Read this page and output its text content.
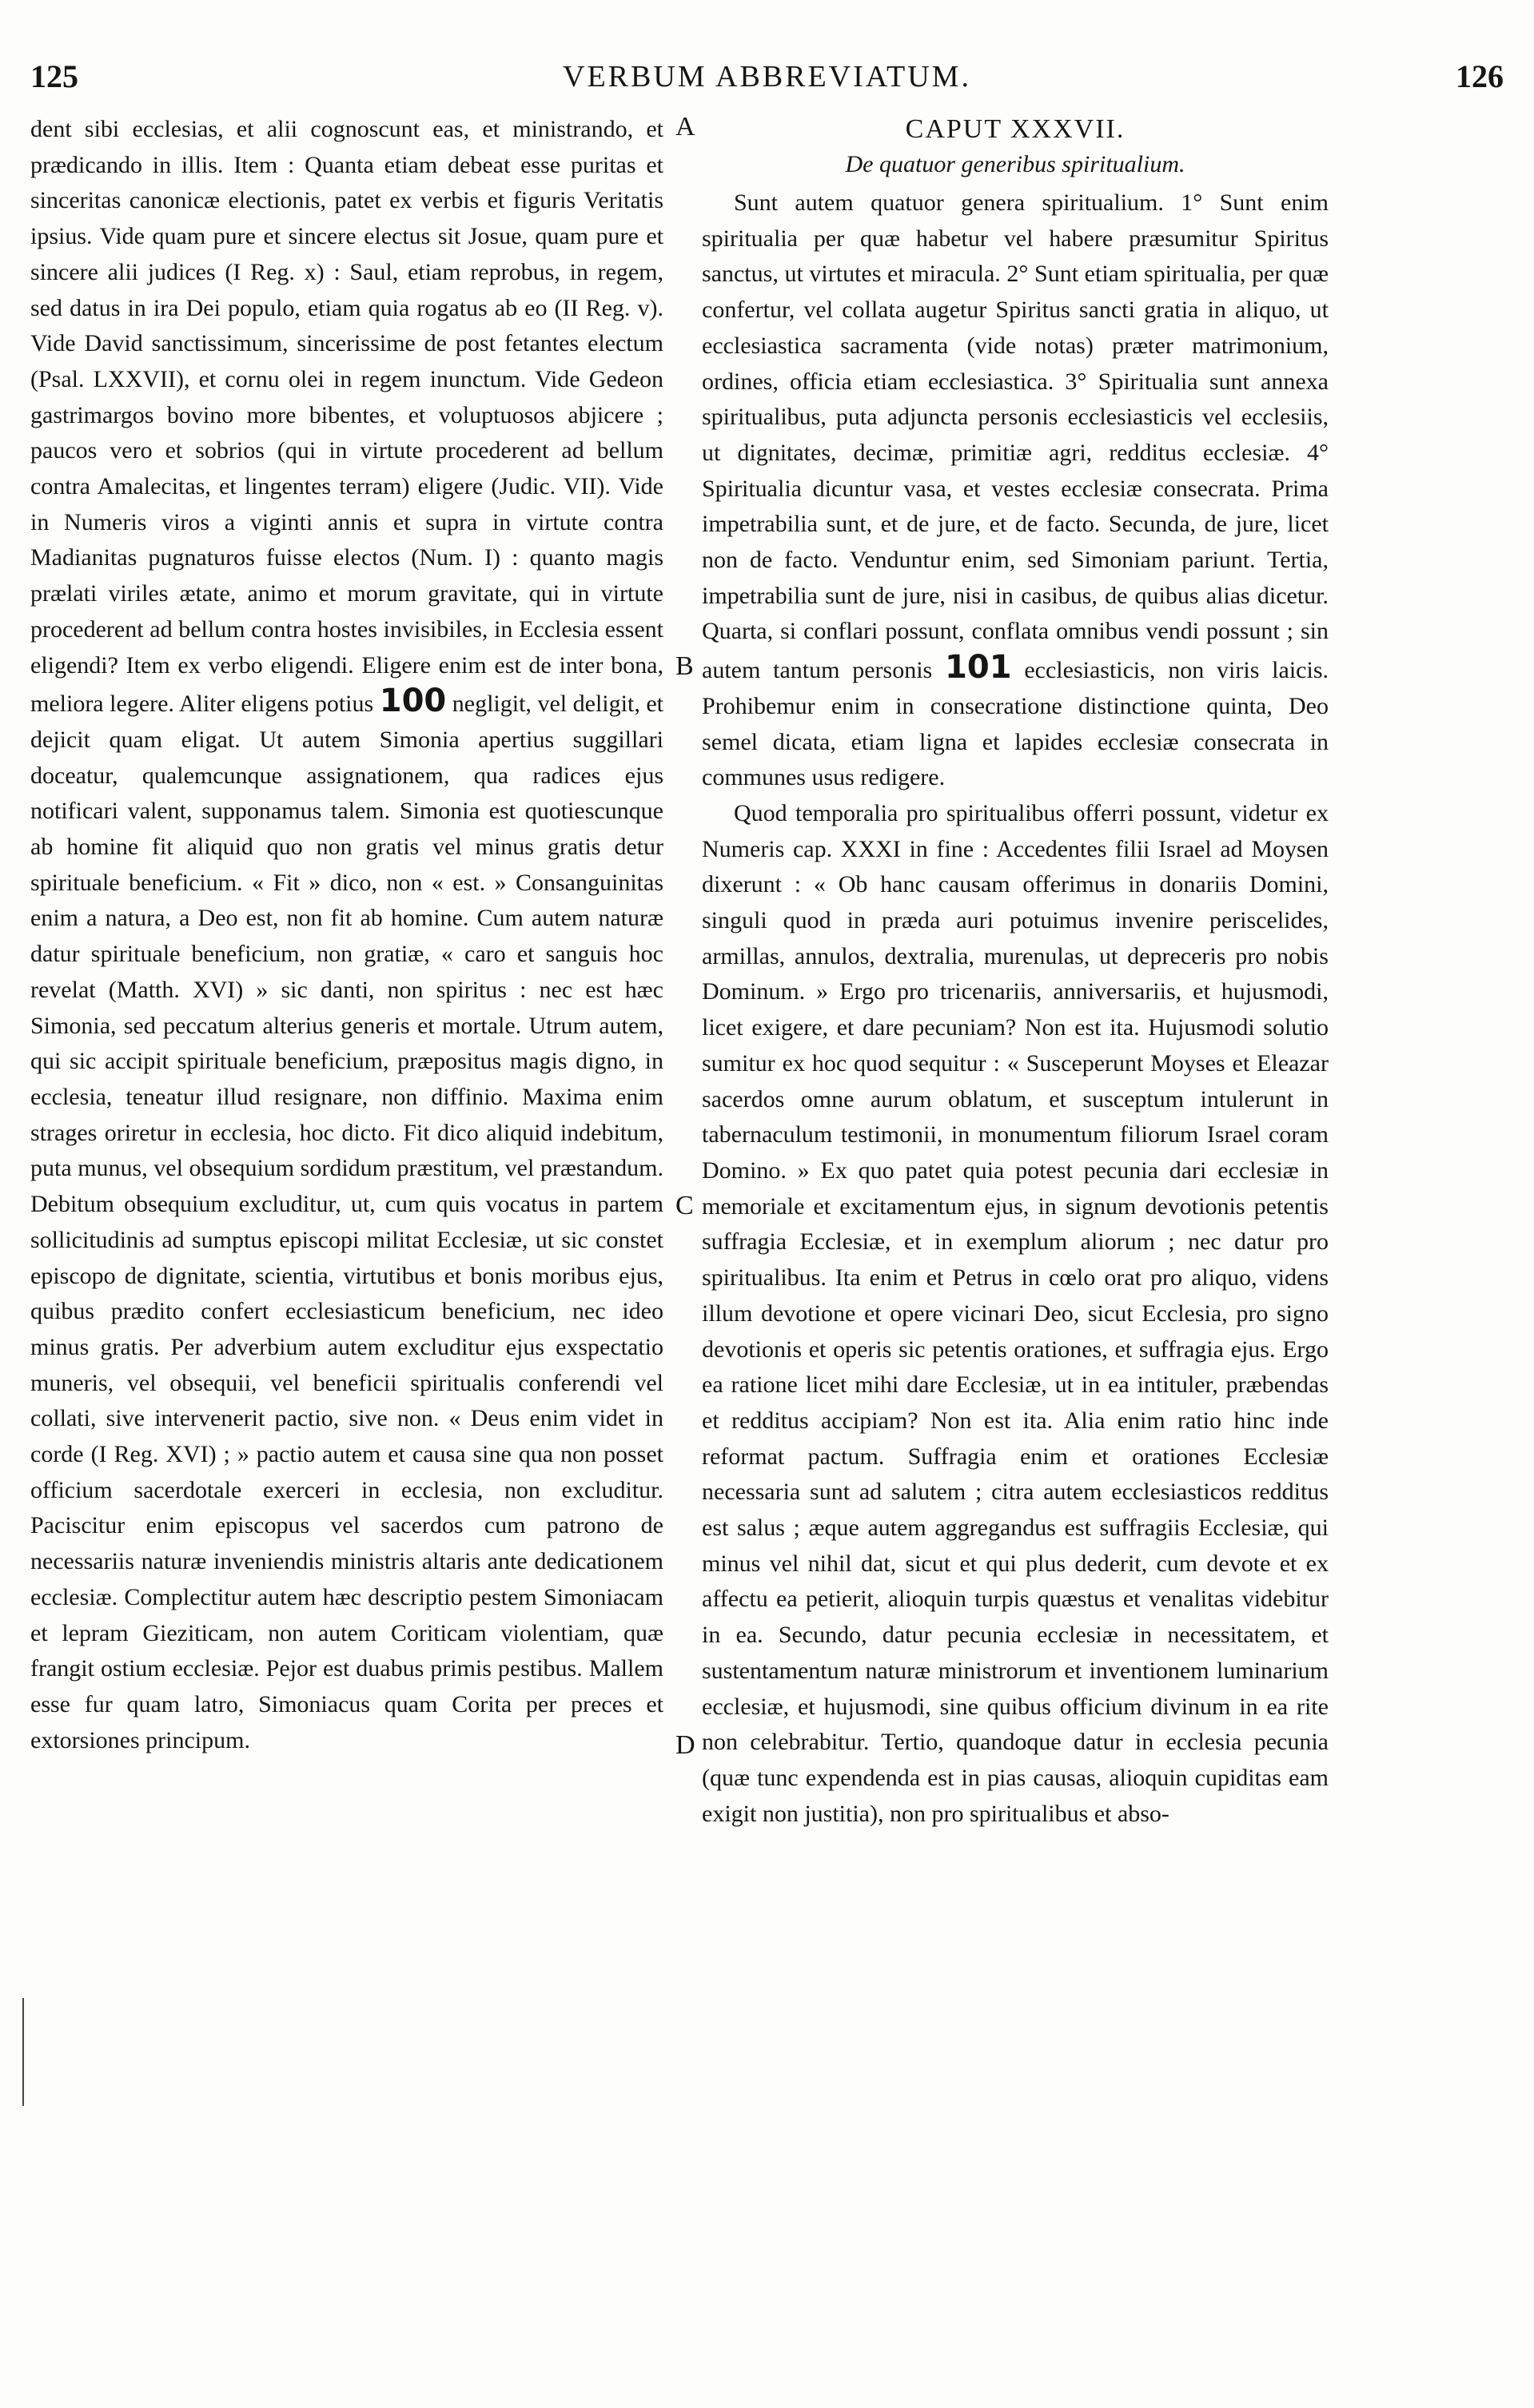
125	VERBUM ABBREVIATUM.	126
A
B
C
D

dent sibi ecclesias, et alii cognoscunt eas, et ministrando, et prædicando in illis. Item : Quanta etiam debeat esse puritas et sinceritas canonicæ electionis, patet ex verbis et figuris Veritatis ipsius. Vide quam pure et sincere electus sit Josue, quam pure et sincere alii judices (I Reg. x) : Saul, etiam reprobus, in regem, sed datus in ira Dei populo, etiam quia rogatus ab eo (II Reg. v). Vide David sanctissimum, sincerissime de post fetantes electum (Psal. LXXVII), et cornu olei in regem inunctum. Vide Gedeon gastrimargos bovino more bibentes, et voluptuosos abjicere ; paucos vero et sobrios (qui in virtute procederent ad bellum contra Amalecitas, et lingentes terram) eligere (Judic. VII). Vide in Numeris viros a viginti annis et supra in virtute contra Madianitas pugnaturos fuisse electos (Num. I) : quanto magis prælati viriles ætate, animo et morum gravitate, qui in virtute procederent ad bellum contra hostes invisibiles, in Ecclesia essent eligendi? Item ex verbo eligendi. Eligere enim est de inter bona, meliora legere. Aliter eligens potius 100 negligit, vel deligit, et dejicit quam eligat. Ut autem Simonia apertius suggillari doceatur, qualemcunque assignationem, qua radices ejus notificari valent, supponamus talem. Simonia est quotiescunque ab homine fit aliquid quo non gratis vel minus gratis detur spirituale beneficium. « Fit » dico, non « est. » Consanguinitas enim a natura, a Deo est, non fit ab homine. Cum autem naturæ datur spirituale beneficium, non gratiæ, « caro et sanguis hoc revelat (Matth. XVI) » sic danti, non spiritus : nec est hæc Simonia, sed peccatum alterius generis et mortale. Utrum autem, qui sic accipit spirituale beneficium, præpositus magis digno, in ecclesia, teneatur illud resignare, non diffinio. Maxima enim strages oriretur in ecclesia, hoc dicto. Fit dico aliquid indebitum, puta munus, vel obsequium sordidum præstitum, vel præstandum. Debitum obsequium excluditur, ut, cum quis vocatus in partem sollicitudinis ad sumptus episcopi militat Ecclesiæ, ut sic constet episcopo de dignitate, scientia, virtutibus et bonis moribus ejus, quibus prædito confert ecclesiasticum beneficium, nec ideo minus gratis. Per adverbium autem excluditur ejus exspectatio muneris, vel obsequii, vel beneficii spiritualis conferendi vel collati, sive intervenerit pactio, sive non. « Deus enim videt in corde (I Reg. XVI) ; » pactio autem et causa sine qua non posset officium sacerdotale exerceri in ecclesia, non excluditur. Paciscitur enim episcopus vel sacerdos cum patrono de necessariis naturæ inveniendis ministris altaris ante dedicationem ecclesiæ. Complectitur autem hæc descriptio pestem Simoniacam et lepram Gieziticam, non autem Coriticam violentiam, quæ frangit ostium ecclesiæ. Pejor est duabus primis pestibus. Mallem esse fur quam latro, Simoniacus quam Corita per preces et extorsiones principum.

CAPUT XXXVII.
De quatuor generibus spiritualium.

Sunt autem quatuor genera spiritualium. 1° Sunt enim spiritualia per quæ habetur vel habere præsumitur Spiritus sanctus, ut virtutes et miracula. 2° Sunt etiam spiritualia, per quæ confertur, vel collata augetur Spiritus sancti gratia in aliquo, ut ecclesiastica sacramenta (vide notas) præter matrimonium, ordines, officia etiam ecclesiastica. 3° Spiritualia sunt annexa spiritualibus, puta adjuncta personis ecclesiasticis vel ecclesiis, ut dignitates, decimæ, primitiæ agri, redditus ecclesiæ. 4° Spiritualia dicuntur vasa, et vestes ecclesiæ consecrata. Prima impetrabilia sunt, et de jure, et de facto. Secunda, de jure, licet non de facto. Venduntur enim, sed Simoniam pariunt. Tertia, impetrabilia sunt de jure, nisi in casibus, de quibus alias dicetur. Quarta, si conflari possunt, conflata omnibus vendi possunt ; sin autem tantum personis 101 ecclesiasticis, non viris laicis. Prohibemur enim in consecratione distinctione quinta, Deo semel dicata, etiam ligna et lapides ecclesiæ consecrata in communes usus redigere.

Quod temporalia pro spiritualibus offerri possunt, videtur ex Numeris cap. XXXI in fine : Accedentes filii Israel ad Moysen dixerunt : « Ob hanc causam offerimus in donariis Domini, singuli quod in præda auri potuimus invenire periscelides, armillas, annulos, dextralia, murenulas, ut depreceris pro nobis Dominum. » Ergo pro tricenariis, anniversariis, et hujusmodi, licet exigere, et dare pecuniam? Non est ita. Hujusmodi solutio sumitur ex hoc quod sequitur : « Susceperunt Moyses et Eleazar sacerdos omne aurum oblatum, et susceptum intulerunt in tabernaculum testimonii, in monumentum filiorum Israel coram Domino. » Ex quo patet quia potest pecunia dari ecclesiæ in memoriale et excitamentum ejus, in signum devotionis petentis suffragia Ecclesiæ, et in exemplum aliorum ; nec datur pro spiritualibus. Ita enim et Petrus in cœlo orat pro aliquo, videns illum devotione et opere vicinari Deo, sicut Ecclesia, pro signo devotionis et operis sic petentis orationes, et suffragia ejus. Ergo ea ratione licet mihi dare Ecclesiæ, ut in ea intituler, præbendas et redditus accipiam? Non est ita. Alia enim ratio hinc inde reformat pactum. Suffragia enim et orationes Ecclesiæ necessaria sunt ad salutem ; citra autem ecclesiasticos redditus est salus ; æque autem aggregandus est suffragiis Ecclesiæ, qui minus vel nihil dat, sicut et qui plus dederit, cum devote et ex affectu ea petierit, alioquin turpis quæstus et venalitas videbitur in ea. Secundo, datur pecunia ecclesiæ in necessitatem, et sustentamentum naturæ ministrorum et inventionem luminarium ecclesiæ, et hujusmodi, sine quibus officium divinum in ea rite non celebrabitur. Tertio, quandoque datur in ecclesia pecunia (quæ tunc expendenda est in pias causas, alioquin cupiditas eam exigit non justitia), non pro spiritualibus et abso-
